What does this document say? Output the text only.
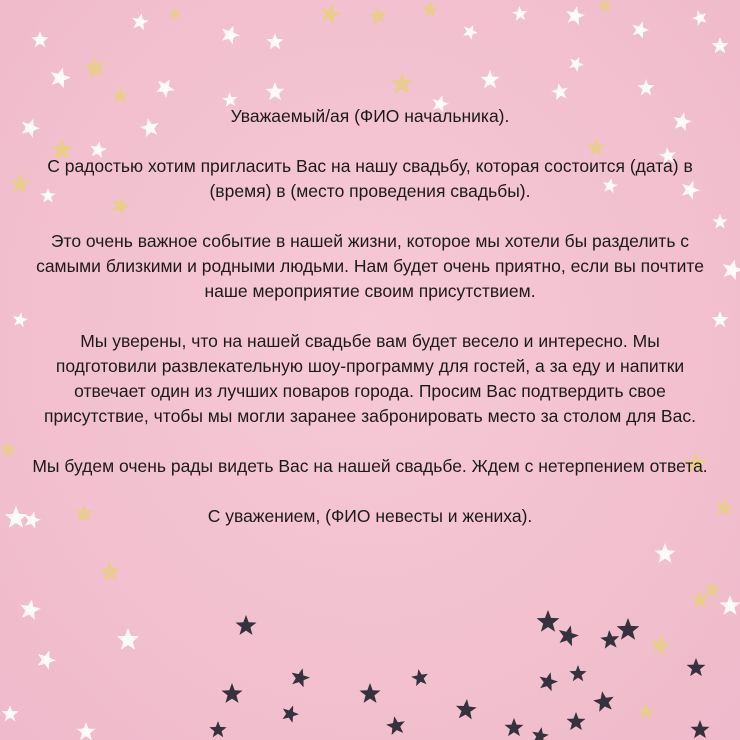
Уважаемый/ая (ФИО начальника).

С радостью хотим пригласить Вас на нашу свадьбу, которая состоится (дата) в (время) в (место проведения свадьбы).

Это очень важное событие в нашей жизни, которое мы хотели бы разделить с самыми близкими и родными людьми. Нам будет очень приятно, если вы почтите наше мероприятие своим присутствием.

Мы уверены, что на нашей свадьбе вам будет весело и интересно. Мы подготовили развлекательную шоу-программу для гостей, а за еду и напитки отвечает один из лучших поваров города. Просим Вас подтвердить свое присутствие, чтобы мы могли заранее забронировать место за столом для Вас.

Мы будем очень рады видеть Вас на нашей свадьбе. Ждем с нетерпением ответа.

С уважением, (ФИО невесты и жениха).
